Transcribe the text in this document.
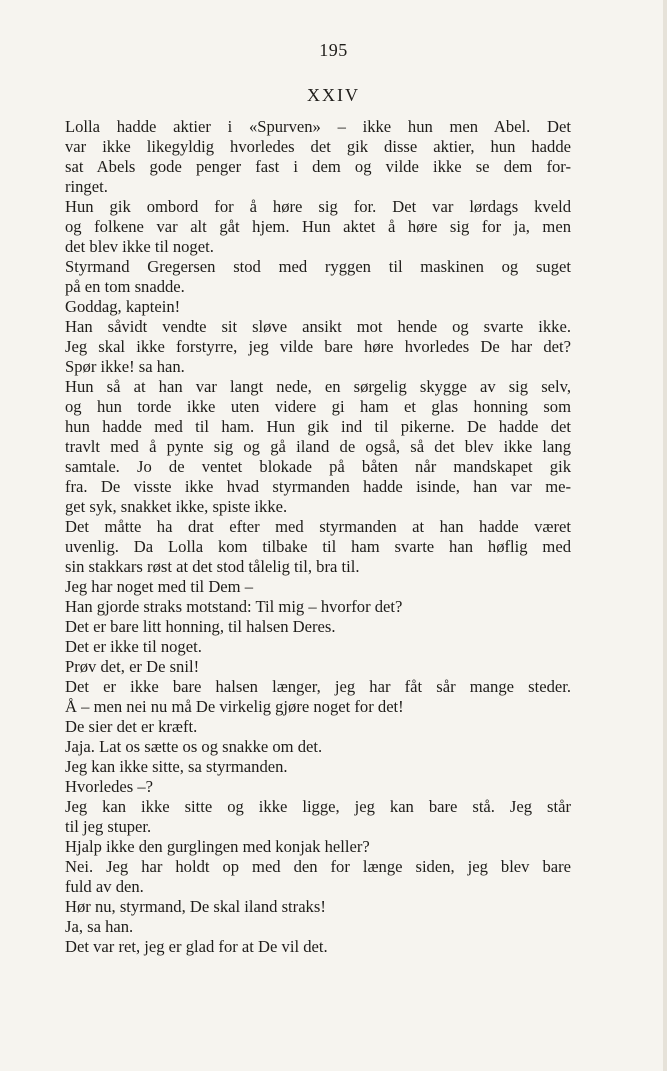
195
XXIV
Lolla hadde aktier i «Spurven» – ikke hun men Abel. Det
var ikke likegyldig hvorledes det gik disse aktier, hun hadde
sat Abels gode penger fast i dem og vilde ikke se dem for-
ringet.
Hun gik ombord for å høre sig for. Det var lørdags kveld
og folkene var alt gåt hjem. Hun aktet å høre sig for ja, men
det blev ikke til noget.
Styrmand Gregersen stod med ryggen til maskinen og suget
på en tom snadde.
Goddag, kaptein!
Han såvidt vendte sit sløve ansikt mot hende og svarte ikke.
Jeg skal ikke forstyrre, jeg vilde bare høre hvorledes De har det?
Spør ikke! sa han.
Hun så at han var langt nede, en sørgelig skygge av sig selv,
og hun torde ikke uten videre gi ham et glas honning som
hun hadde med til ham. Hun gik ind til pikerne. De hadde det
travlt med å pynte sig og gå iland de også, så det blev ikke lang
samtale. Jo de ventet blokade på båten når mandskapet gik
fra. De visste ikke hvad styrmanden hadde isinde, han var me-
get syk, snakket ikke, spiste ikke.
Det måtte ha drat efter med styrmanden at han hadde været
uvenlig. Da Lolla kom tilbake til ham svarte han høflig med
sin stakkars røst at det stod tålelig til, bra til.
Jeg har noget med til Dem –
Han gjorde straks motstand: Til mig – hvorfor det?
Det er bare litt honning, til halsen Deres.
Det er ikke til noget.
Prøv det, er De snil!
Det er ikke bare halsen længer, jeg har fåt sår mange steder.
Å – men nei nu må De virkelig gjøre noget for det!
De sier det er kræft.
Jaja. Lat os sætte os og snakke om det.
Jeg kan ikke sitte, sa styrmanden.
Hvorledes –?
Jeg kan ikke sitte og ikke ligge, jeg kan bare stå. Jeg står
til jeg stuper.
Hjalp ikke den gurglingen med konjak heller?
Nei. Jeg har holdt op med den for længe siden, jeg blev bare
fuld av den.
Hør nu, styrmand, De skal iland straks!
Ja, sa han.
Det var ret, jeg er glad for at De vil det.
